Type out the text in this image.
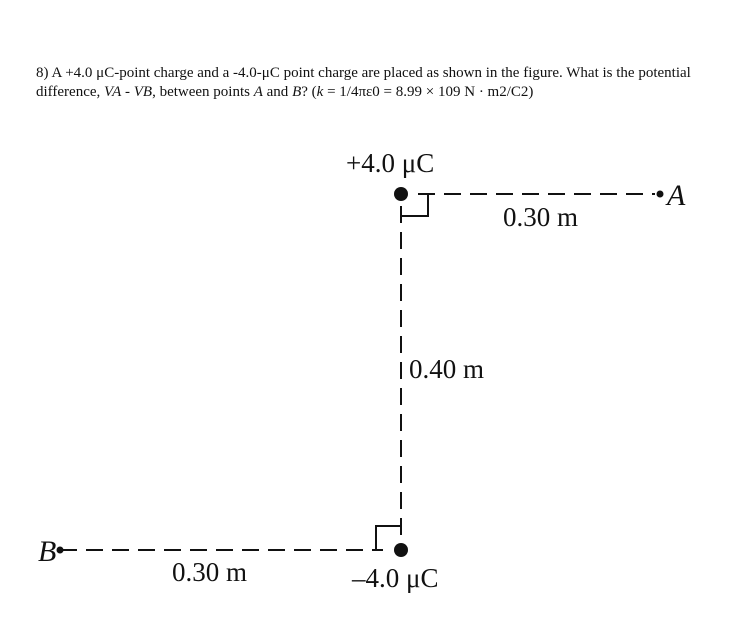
8) A +4.0 μC-point charge and a -4.0-μC point charge are placed as shown in the figure. What is the potential difference, VA - VB, between points A and B? (k = 1/4πε0 = 8.99 × 109 N · m2/C2)

+4.0 μC
–4.0 μC
0.30 m
0.40 m
0.30 m
A
B
